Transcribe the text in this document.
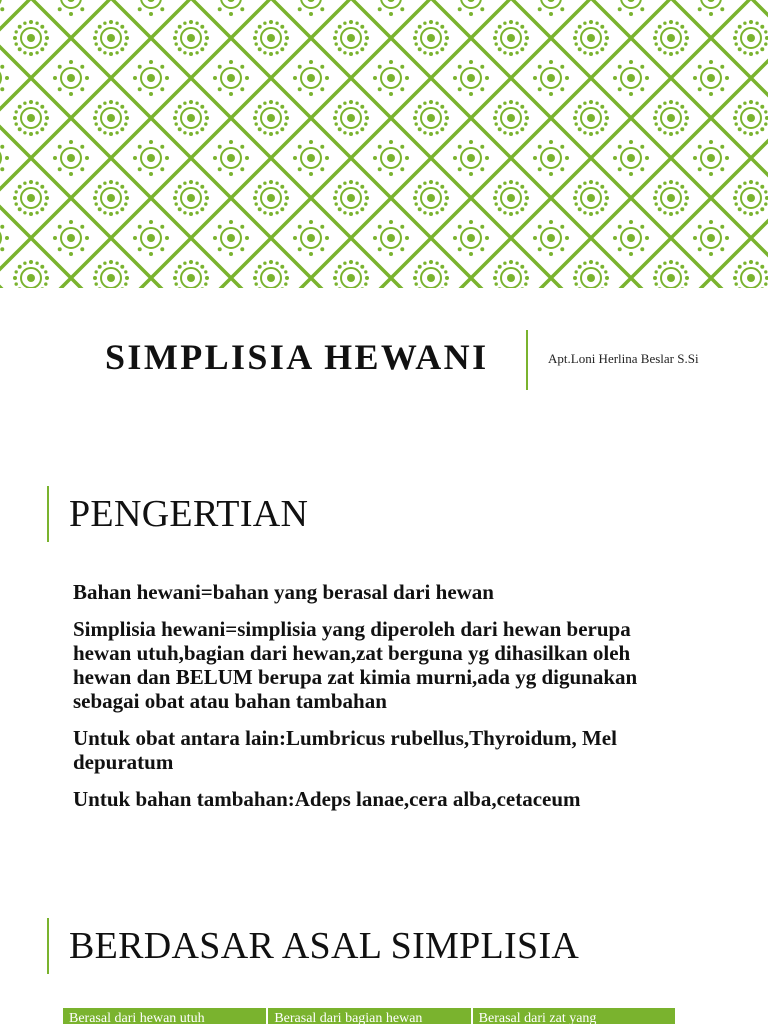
SIMPLISIA HEWANI	Apt.Loni Herlina Beslar S.Si
PENGERTIAN
Bahan hewani=bahan yang berasal dari hewan
Simplisia hewani=simplisia yang diperoleh dari hewan berupa hewan utuh,bagian dari hewan,zat berguna yg dihasilkan oleh hewan dan BELUM berupa zat kimia murni,ada yg digunakan sebagai obat atau bahan tambahan
Untuk obat antara lain:Lumbricus rubellus,Thyroidum, Mel depuratum
Untuk bahan tambahan:Adeps lanae,cera alba,cetaceum
BERDASAR ASAL SIMPLISIA
Berasal dari hewan utuh	Berasal dari bagian hewan	Berasal dari zat yang
